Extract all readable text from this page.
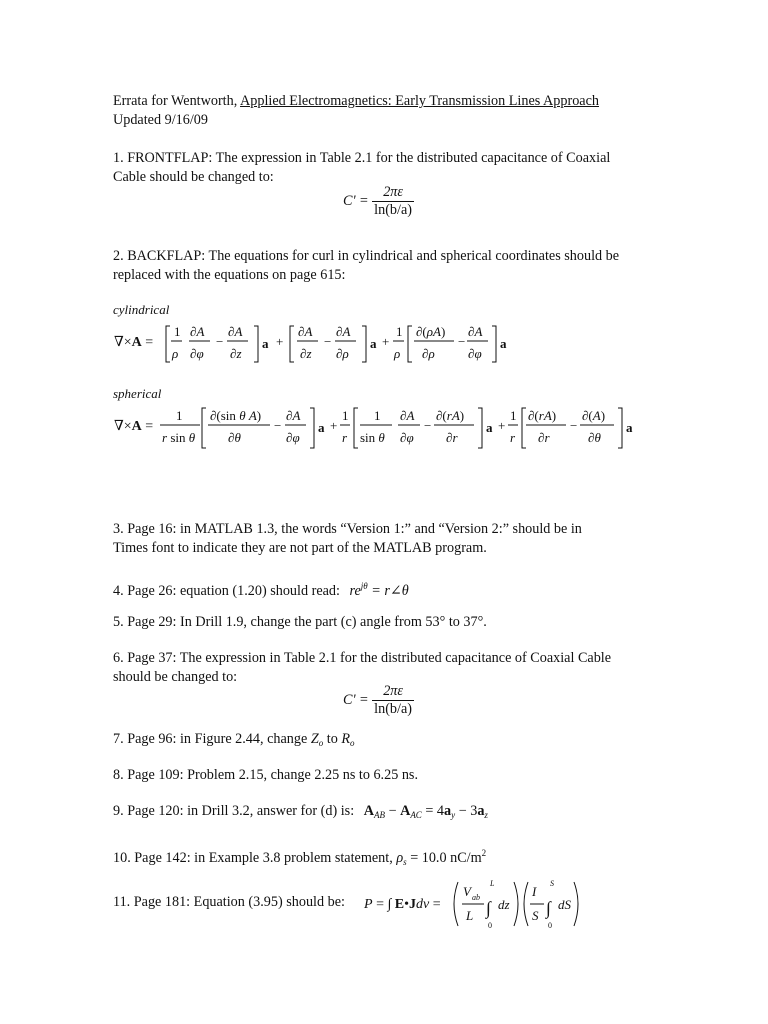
Errata for Wentworth, Applied Electromagnetics: Early Transmission Lines Approach
Updated 9/16/09
1. FRONTFLAP: The expression in Table 2.1 for the distributed capacitance of Coaxial
Cable should be changed to:
$C' = \frac{2\pi\varepsilon}{\ln(b/a)}$
2. BACKFLAP: The equations for curl in cylindrical and spherical coordinates should be
replaced with the equations on page 615:
cylindrical
∇×A =
1
ρ
∂A
∂φ
−
∂A
∂z
a +
∂A
∂z
−
∂A
∂ρ
a +
1
ρ
∂(ρA)
∂ρ
−
∂A
∂φ
a
spherical
∇×A =
1
r sin θ
∂(sin θ A)
∂θ
−
∂A
∂φ
a +
1
r
1
sin θ
∂A
∂φ
−
∂(rA)
∂r
a +
1
r
∂(rA)
∂r
−
∂(A)
∂θ
a
3. Page 16: in MATLAB 1.3, the words “Version 1:” and “Version 2:” should be in
Times font to indicate they are not part of the MATLAB program.
4. Page 26: equation (1.20) should read: $re^{j\theta}$ = r∠θ
5. Page 29: In Drill 1.9, change the part (c) angle from 53° to 37°.
6. Page 37: The expression in Table 2.1 for the distributed capacitance of Coaxial Cable
should be changed to:
$C' = \frac{2\pi\varepsilon}{\ln(b/a)}$
7. Page 96: in Figure 2.44, change $Z_o$ to $R_o$
8. Page 109: Problem 2.15, change 2.25 ns to 6.25 ns.
9. Page 120: in Drill 3.2, answer for (d) is: $A_{AB} - A_{AC} = 4a_y - 3a_z$
10. Page 142: in Example 3.8 problem statement, $\rho_s = 10.0$ $nC/m^2$
11. Page 181: Equation (3.95) should be: P = ∫ E•Jdv =
V ab
L
L
∫
0
dz
I
S
S
∫
0
dS
